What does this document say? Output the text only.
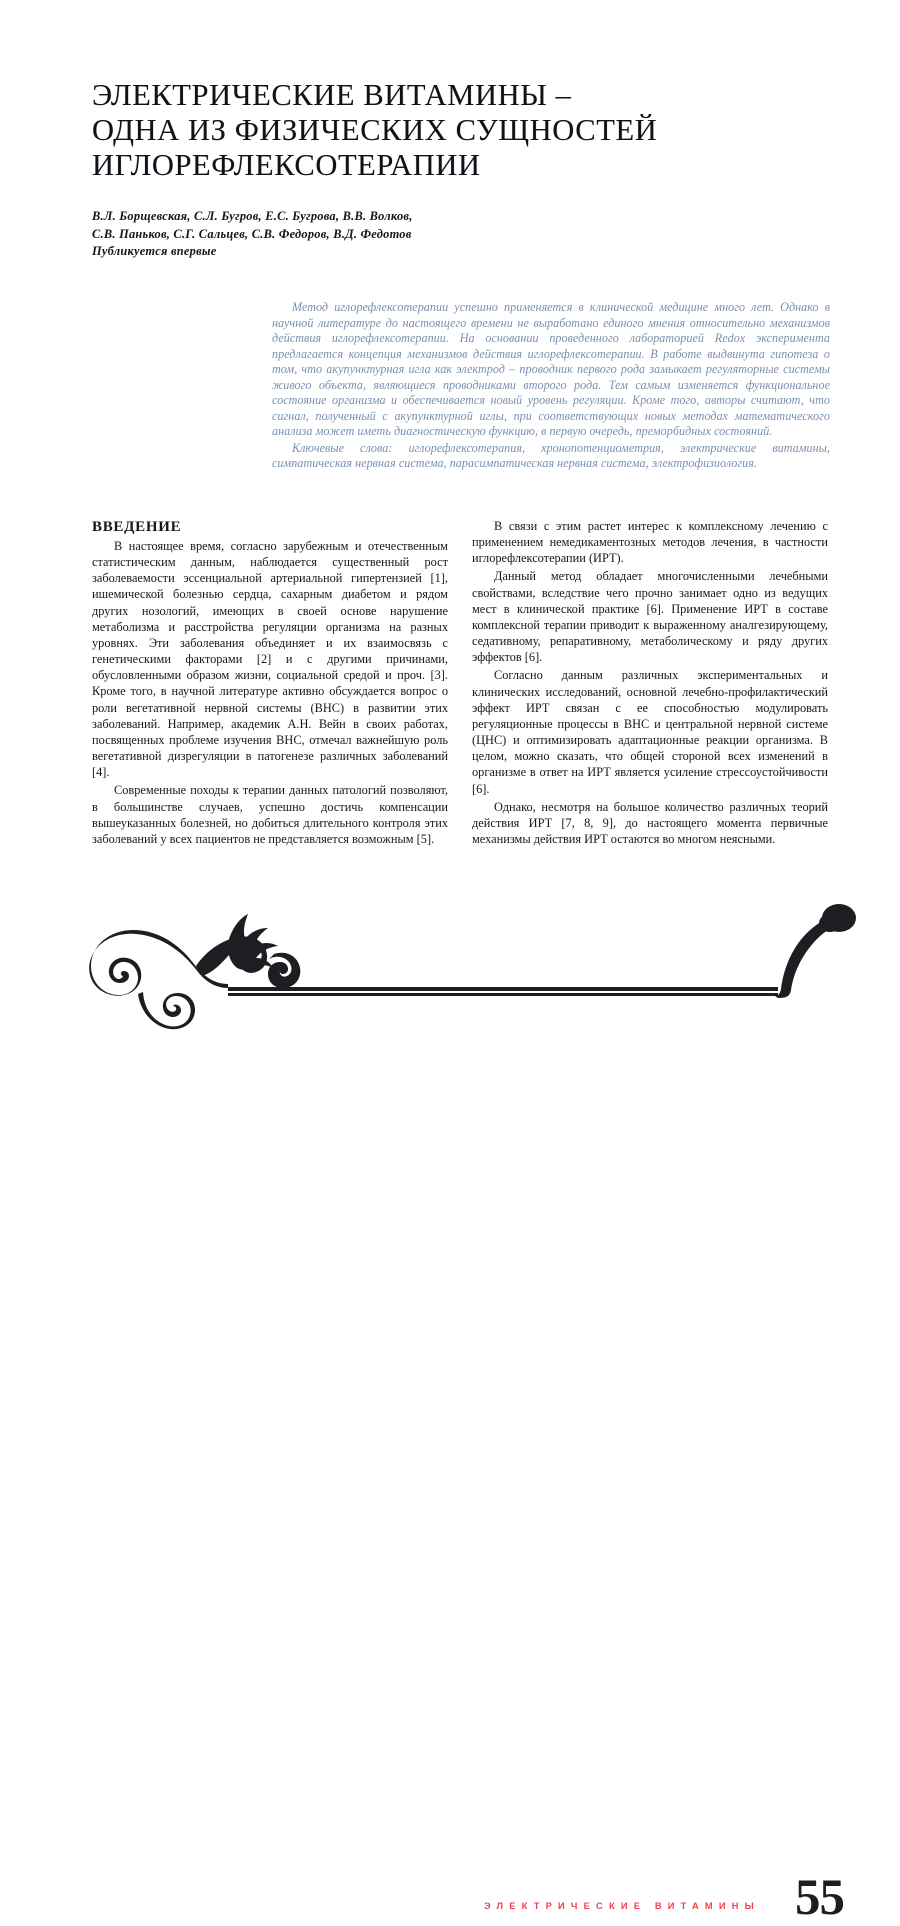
ЭЛЕКТРИЧЕСКИЕ ВИТАМИНЫ –
ОДНА ИЗ ФИЗИЧЕСКИХ СУЩНОСТЕЙ
ИГЛОРЕФЛЕКСОТЕРАПИИ
В.Л. Борщевская, С.Л. Бугров, Е.С. Бугрова, В.В. Волков,
С.В. Паньков, С.Г. Сальцев, С.В. Федоров, В.Д. Федотов
Публикуется впервые

Метод иглорефлексотерапии успешно применяется в клинической медицине много лет. Однако в научной литературе до настоящего времени не выработано единого мнения относительно механизмов действия иглорефлексотерапии. На основании проведенного лабораторией Redox эксперимента предлагается концепция механизмов действия иглорефлексотерапии. В работе выдвинута гипотеза о том, что акупунктурная игла как электрод – проводник первого рода замыкает регуляторные системы живого объекта, являющиеся проводниками второго рода. Тем самым изменяется функциональное состояние организма и обеспечивается новый уровень регуляции. Кроме того, авторы считают, что сигнал, полученный с акупунктурной иглы, при соответствующих новых методах математического анализа может иметь диагностическую функцию, в первую очередь, преморбидных состояний.

Ключевые слова: иглорефлексотерапия, хронопотенциометрия, электрические витамины, симпатическая нервная система, парасимпатическая нервная система, электрофизиология.

ВВЕДЕНИЕ

В настоящее время, согласно зарубежным и отечественным статистическим данным, наблюдается существенный рост заболеваемости эссенциальной артериальной гипертензией [1], ишемической болезнью сердца, сахарным диабетом и рядом других нозологий, имеющих в своей основе нарушение метаболизма и расстройства регуляции организма на разных уровнях. Эти заболевания объединяет и их взаимосвязь с генетическими факторами [2] и с другими причинами, обусловленными образом жизни, социальной средой и проч. [3]. Кроме того, в научной литературе активно обсуждается вопрос о роли вегетативной нервной системы (ВНС) в развитии этих заболеваний. Например, академик А.Н. Вейн в своих работах, посвященных проблеме изучения ВНС, отмечал важнейшую роль вегетативной дизрегуляции в патогенезе различных заболеваний [4].

Современные походы к терапии данных патологий позволяют, в большинстве случаев, успешно достичь компенсации вышеуказанных болезней, но добиться длительного контроля этих заболеваний у всех пациентов не представляется возможным [5].

В связи с этим растет интерес к комплексному лечению с применением немедикаментозных методов лечения, в частности иглорефлексотерапии (ИРТ).

Данный метод обладает многочисленными лечебными свойствами, вследствие чего прочно занимает одно из ведущих мест в клинической практике [6]. Применение ИРТ в составе комплексной терапии приводит к выраженному аналгезирующему, седативному, репаративному, метаболическому и ряду других эффектов [6].

Согласно данным различных экспериментальных и клинических исследований, основной лечебно-профилактический эффект ИРТ связан с ее способностью модулировать регуляционные процессы в ВНС и центральной нервной системе (ЦНС) и оптимизировать адаптационные реакции организма. В целом, можно сказать, что общей стороной всех изменений в организме в ответ на ИРТ является усиление стрессоустойчивости [6].

Однако, несмотря на большое количество различных теорий действия ИРТ [7, 8, 9], до настоящего момента первичные механизмы действия ИРТ остаются во многом неясными.

ЭЛЕКТРИЧЕСКИЕ ВИТАМИНЫ 55
